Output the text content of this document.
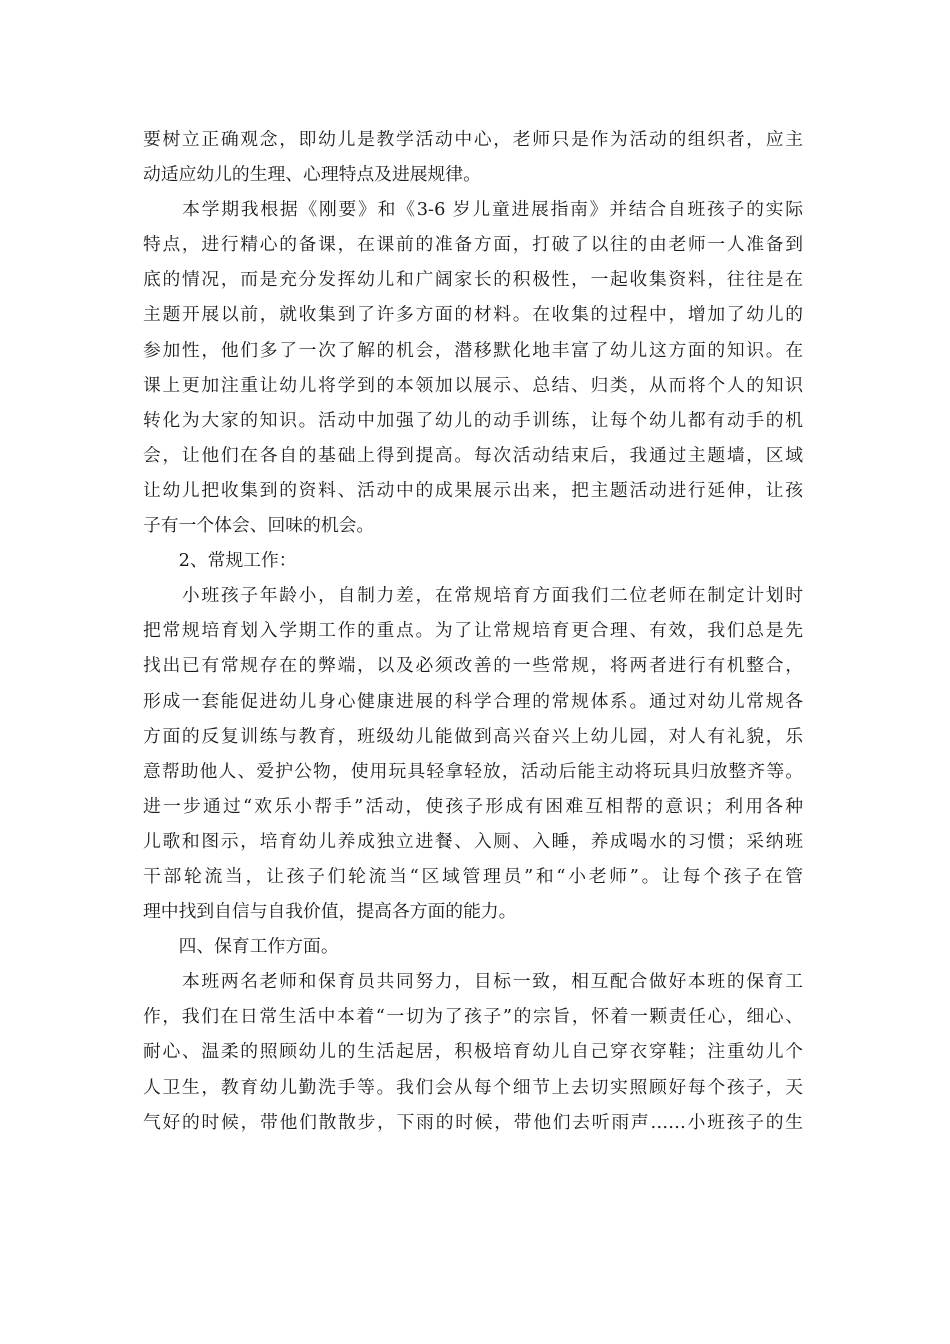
要树立正确观念，即幼儿是教学活动中心，老师只是作为活动的组织者，应主
动适应幼儿的生理、心理特点及进展规律。
　　本学期我根据《刚要》和《3-6 岁儿童进展指南》并结合自班孩子的实际
特点，进行精心的备课，在课前的准备方面，打破了以往的由老师一人准备到
底的情况，而是充分发挥幼儿和广阔家长的积极性，一起收集资料，往往是在
主题开展以前，就收集到了许多方面的材料。在收集的过程中，增加了幼儿的
参加性，他们多了一次了解的机会，潜移默化地丰富了幼儿这方面的知识。在
课上更加注重让幼儿将学到的本领加以展示、总结、归类，从而将个人的知识
转化为大家的知识。活动中加强了幼儿的动手训练，让每个幼儿都有动手的机
会，让他们在各自的基础上得到提高。每次活动结束后，我通过主题墙，区域
让幼儿把收集到的资料、活动中的成果展示出来，把主题活动进行延伸，让孩
子有一个体会、回味的机会。
　　2、常规工作：
　　小班孩子年龄小，自制力差，在常规培育方面我们二位老师在制定计划时
把常规培育划入学期工作的重点。为了让常规培育更合理、有效，我们总是先
找出已有常规存在的弊端，以及必须改善的一些常规，将两者进行有机整合，
形成一套能促进幼儿身心健康进展的科学合理的常规体系。通过对幼儿常规各
方面的反复训练与教育，班级幼儿能做到高兴奋兴上幼儿园，对人有礼貌，乐
意帮助他人、爱护公物，使用玩具轻拿轻放，活动后能主动将玩具归放整齐等。
进一步通过“欢乐小帮手”活动，使孩子形成有困难互相帮的意识；利用各种
儿歌和图示，培育幼儿养成独立进餐、入厕、入睡，养成喝水的习惯；采纳班
干部轮流当，让孩子们轮流当“区域管理员”和“小老师”。让每个孩子在管
理中找到自信与自我价值，提高各方面的能力。
　　四、保育工作方面。
　　本班两名老师和保育员共同努力，目标一致，相互配合做好本班的保育工
作，我们在日常生活中本着“一切为了孩子”的宗旨，怀着一颗责任心，细心、
耐心、温柔的照顾幼儿的生活起居，积极培育幼儿自己穿衣穿鞋；注重幼儿个
人卫生，教育幼儿勤洗手等。我们会从每个细节上去切实照顾好每个孩子，天
气好的时候，带他们散散步，下雨的时候，带他们去听雨声……小班孩子的生
